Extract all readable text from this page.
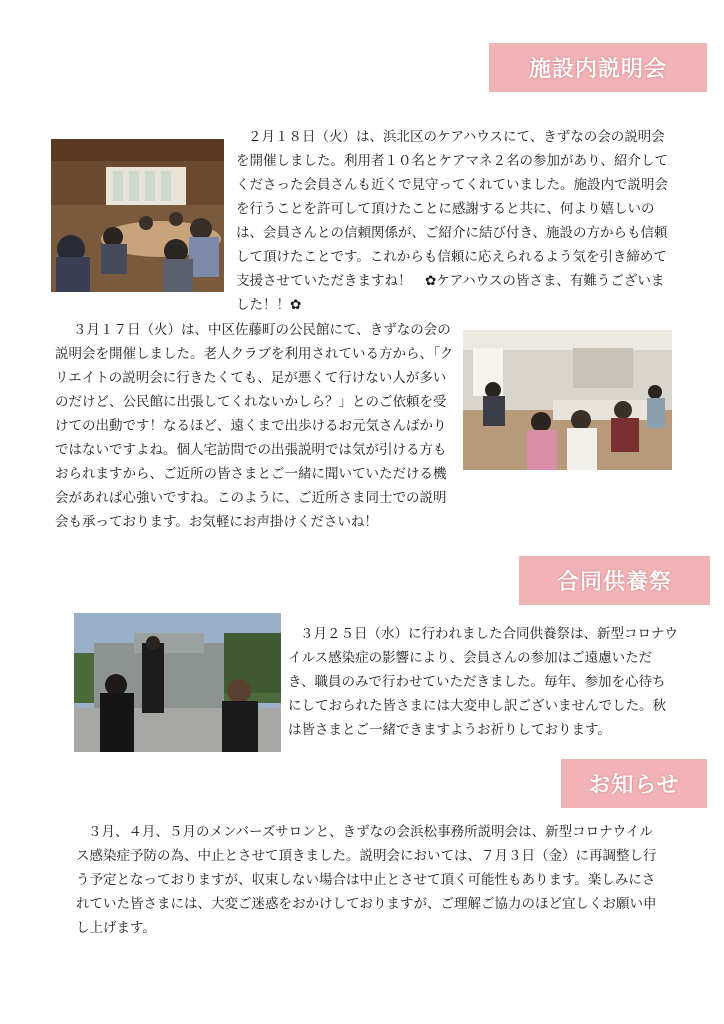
施設内説明会

２月１８日（火）は、浜北区のケアハウスにて、きずなの会の説明会を開催しました。利用者１０名とケアマネ２名の参加があり、紹介してくださった会員さんも近くで見守ってくれていました。施設内で説明会を行うことを許可して頂けたことに感謝すると共に、何より嬉しいのは、会員さんとの信頼関係が、ご紹介に結び付き、施設の方からも信頼して頂けたことです。これからも信頼に応えられるよう気を引き締めて支援させていただきますね！　✿ケアハウスの皆さま、有難うございました！！✿

３月１７日（火）は、中区佐藤町の公民館にて、きずなの会の説明会を開催しました。老人クラブを利用されている方から、「クリエイトの説明会に行きたくても、足が悪くて行けない人が多いのだけど、公民館に出張してくれないかしら？」とのご依頼を受けての出動です！なるほど、遠くまで出歩けるお元気さんばかりではないですよね。個人宅訪問での出張説明では気が引ける方もおられますから、ご近所の皆さまとご一緒に聞いていただける機会があれば心強いですね。このように、ご近所さま同士での説明会も承っております。お気軽にお声掛けくださいね！

合同供養祭

３月２５日（水）に行われました合同供養祭は、新型コロナウイルス感染症の影響により、会員さんの参加はご遠慮いただき、職員のみで行わせていただきました。毎年、参加を心待ちにしておられた皆さまには大変申し訳ございませんでした。秋は皆さまとご一緒できますようお祈りしております。

お知らせ

３月、４月、５月のメンバーズサロンと、きずなの会浜松事務所説明会は、新型コロナウイルス感染症予防の為、中止とさせて頂きました。説明会においては、７月３日（金）に再調整し行う予定となっておりますが、収束しない場合は中止とさせて頂く可能性もあります。楽しみにされていた皆さまには、大変ご迷惑をおかけしておりますが、ご理解ご協力のほど宜しくお願い申し上げます。
